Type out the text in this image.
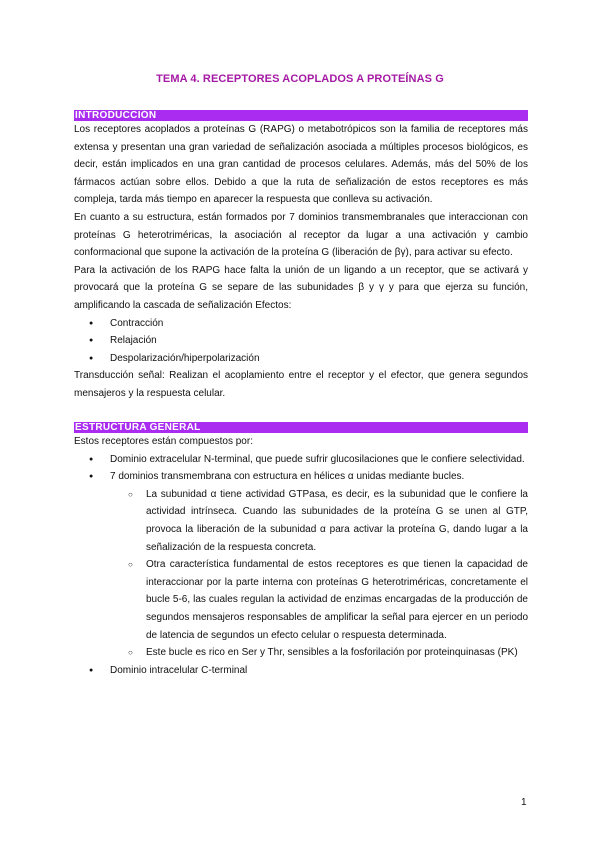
TEMA 4. RECEPTORES ACOPLADOS A PROTEÍNAS G
INTRODUCCIÓN

Los receptores acoplados a proteínas G (RAPG) o metabotrópicos son la familia de receptores más extensa y presentan una gran variedad de señalización asociada a múltiples procesos biológicos, es decir, están implicados en una gran cantidad de procesos celulares. Además, más del 50% de los fármacos actúan sobre ellos. Debido a que la ruta de señalización de estos receptores es más compleja, tarda más tiempo en aparecer la respuesta que conlleva su activación.

En cuanto a su estructura, están formados por 7 dominios transmembranales que interaccionan con proteínas G heterotriméricas, la asociación al receptor da lugar a una activación y cambio conformacional que supone la activación de la proteína G (liberación de βγ), para activar su efecto.

Para la activación de los RAPG hace falta la unión de un ligando a un receptor, que se activará y provocará que la proteína G se separe de las subunidades β y γ y para que ejerza su función, amplificando la cascada de señalización Efectos:

● Contracción
● Relajación
● Despolarización/hiperpolarización

Transducción señal: Realizan el acoplamiento entre el receptor y el efector, que genera segundos mensajeros y la respuesta celular.

ESTRUCTURA GENERAL

Estos receptores están compuestos por:

● Dominio extracelular N-terminal, que puede sufrir glucosilaciones que le confiere selectividad.
● 7 dominios transmembrana con estructura en hélices α unidas mediante bucles.
○ La subunidad α tiene actividad GTPasa, es decir, es la subunidad que le confiere la actividad intrínseca. Cuando las subunidades de la proteína G se unen al GTP, provoca la liberación de la subunidad α para activar la proteína G, dando lugar a la señalización de la respuesta concreta.
○ Otra característica fundamental de estos receptores es que tienen la capacidad de interaccionar por la parte interna con proteínas G heterotriméricas, concretamente el bucle 5-6, las cuales regulan la actividad de enzimas encargadas de la producción de segundos mensajeros responsables de amplificar la señal para ejercer en un periodo de latencia de segundos un efecto celular o respuesta determinada.
○ Este bucle es rico en Ser y Thr, sensibles a la fosforilación por proteinquinasas (PK)
● Dominio intracelular C-terminal
1
